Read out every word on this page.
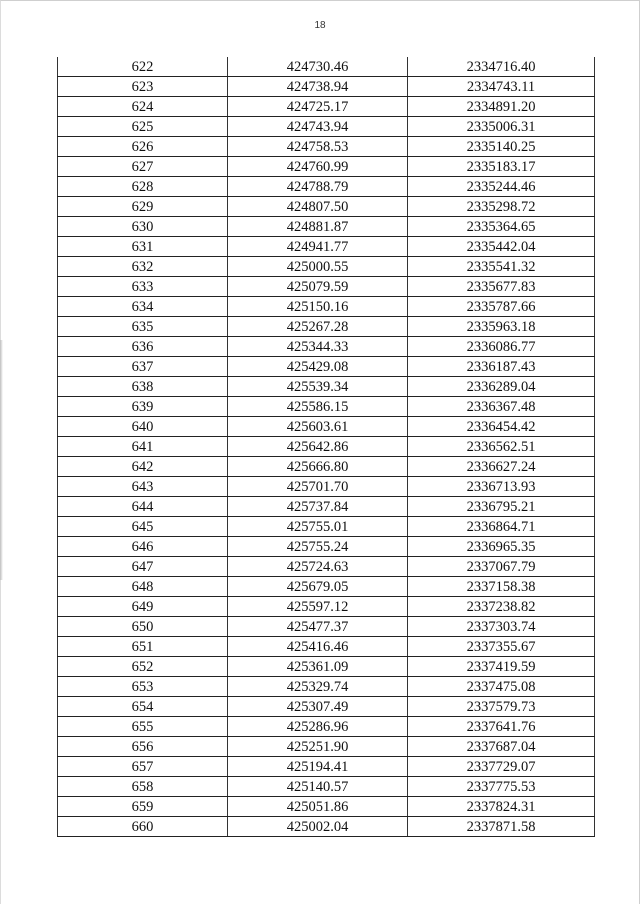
18
622	424730.46	2334716.40
623	424738.94	2334743.11
624	424725.17	2334891.20
625	424743.94	2335006.31
626	424758.53	2335140.25
627	424760.99	2335183.17
628	424788.79	2335244.46
629	424807.50	2335298.72
630	424881.87	2335364.65
631	424941.77	2335442.04
632	425000.55	2335541.32
633	425079.59	2335677.83
634	425150.16	2335787.66
635	425267.28	2335963.18
636	425344.33	2336086.77
637	425429.08	2336187.43
638	425539.34	2336289.04
639	425586.15	2336367.48
640	425603.61	2336454.42
641	425642.86	2336562.51
642	425666.80	2336627.24
643	425701.70	2336713.93
644	425737.84	2336795.21
645	425755.01	2336864.71
646	425755.24	2336965.35
647	425724.63	2337067.79
648	425679.05	2337158.38
649	425597.12	2337238.82
650	425477.37	2337303.74
651	425416.46	2337355.67
652	425361.09	2337419.59
653	425329.74	2337475.08
654	425307.49	2337579.73
655	425286.96	2337641.76
656	425251.90	2337687.04
657	425194.41	2337729.07
658	425140.57	2337775.53
659	425051.86	2337824.31
660	425002.04	2337871.58
